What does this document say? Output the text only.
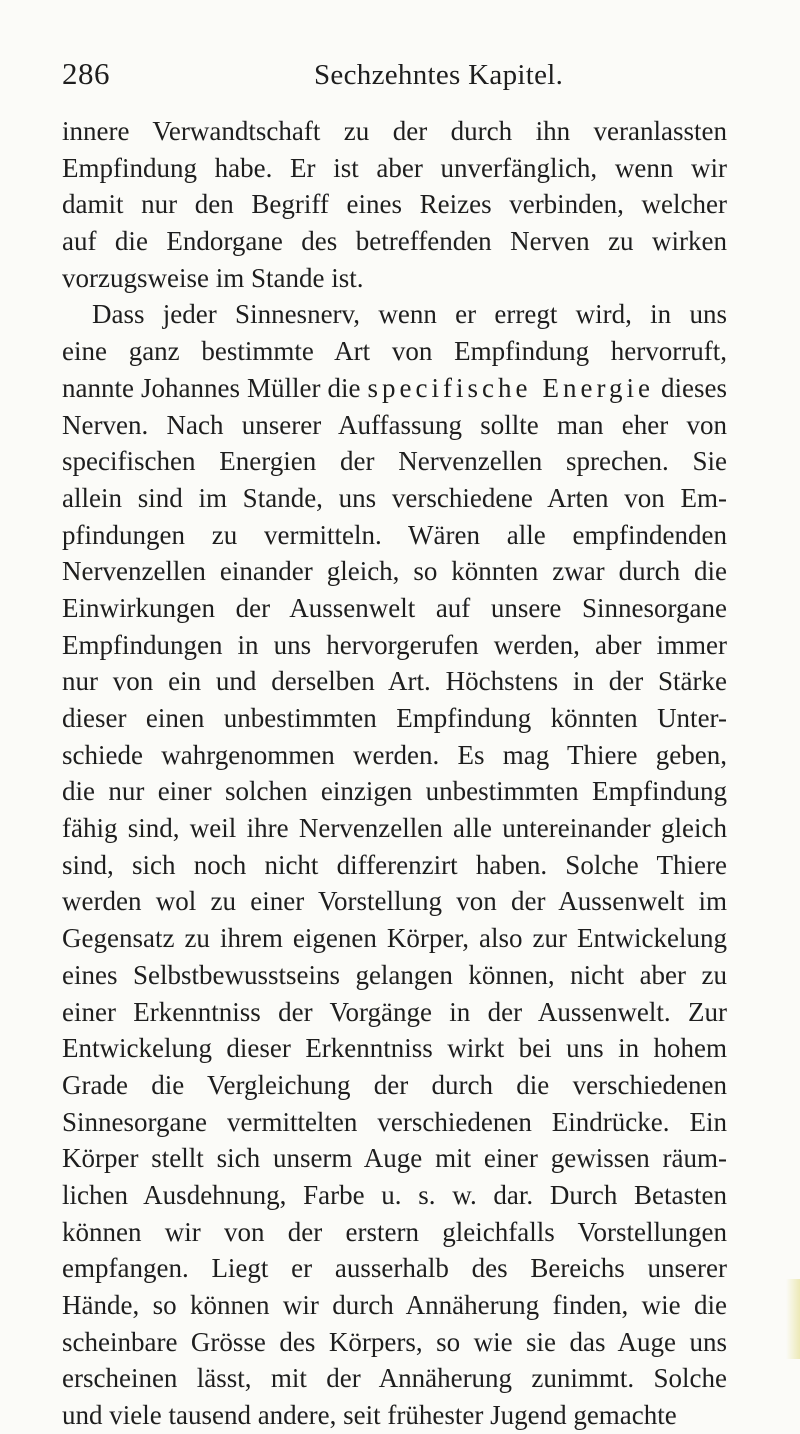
286	Sechzehntes Kapitel.
innere Verwandtschaft zu der durch ihn veranlassten
Empfindung habe. Er ist aber unverfänglich, wenn wir
damit nur den Begriff eines Reizes verbinden, welcher
auf die Endorgane des betreffenden Nerven zu wirken
vorzugsweise im Stande ist.
Dass jeder Sinnesnerv, wenn er erregt wird, in uns
eine ganz bestimmte Art von Empfindung hervorruft,
nannte Johannes Müller die specifische Energie dieses
Nerven. Nach unserer Auffassung sollte man eher von
specifischen Energien der Nervenzellen sprechen. Sie
allein sind im Stande, uns verschiedene Arten von Em-
pfindungen zu vermitteln. Wären alle empfindenden
Nervenzellen einander gleich, so könnten zwar durch die
Einwirkungen der Aussenwelt auf unsere Sinnesorgane
Empfindungen in uns hervorgerufen werden, aber immer
nur von ein und derselben Art. Höchstens in der Stärke
dieser einen unbestimmten Empfindung könnten Unter-
schiede wahrgenommen werden. Es mag Thiere geben,
die nur einer solchen einzigen unbestimmten Empfindung
fähig sind, weil ihre Nervenzellen alle untereinander gleich
sind, sich noch nicht differenzirt haben. Solche Thiere
werden wol zu einer Vorstellung von der Aussenwelt im
Gegensatz zu ihrem eigenen Körper, also zur Entwickelung
eines Selbstbewusstseins gelangen können, nicht aber zu
einer Erkenntniss der Vorgänge in der Aussenwelt. Zur
Entwickelung dieser Erkenntniss wirkt bei uns in hohem
Grade die Vergleichung der durch die verschiedenen
Sinnesorgane vermittelten verschiedenen Eindrücke. Ein
Körper stellt sich unserm Auge mit einer gewissen räum-
lichen Ausdehnung, Farbe u. s. w. dar. Durch Betasten
können wir von der erstern gleichfalls Vorstellungen
empfangen. Liegt er ausserhalb des Bereichs unserer
Hände, so können wir durch Annäherung finden, wie die
scheinbare Grösse des Körpers, so wie sie das Auge uns
erscheinen lässt, mit der Annäherung zunimmt. Solche
und viele tausend andere, seit frühester Jugend gemachte
